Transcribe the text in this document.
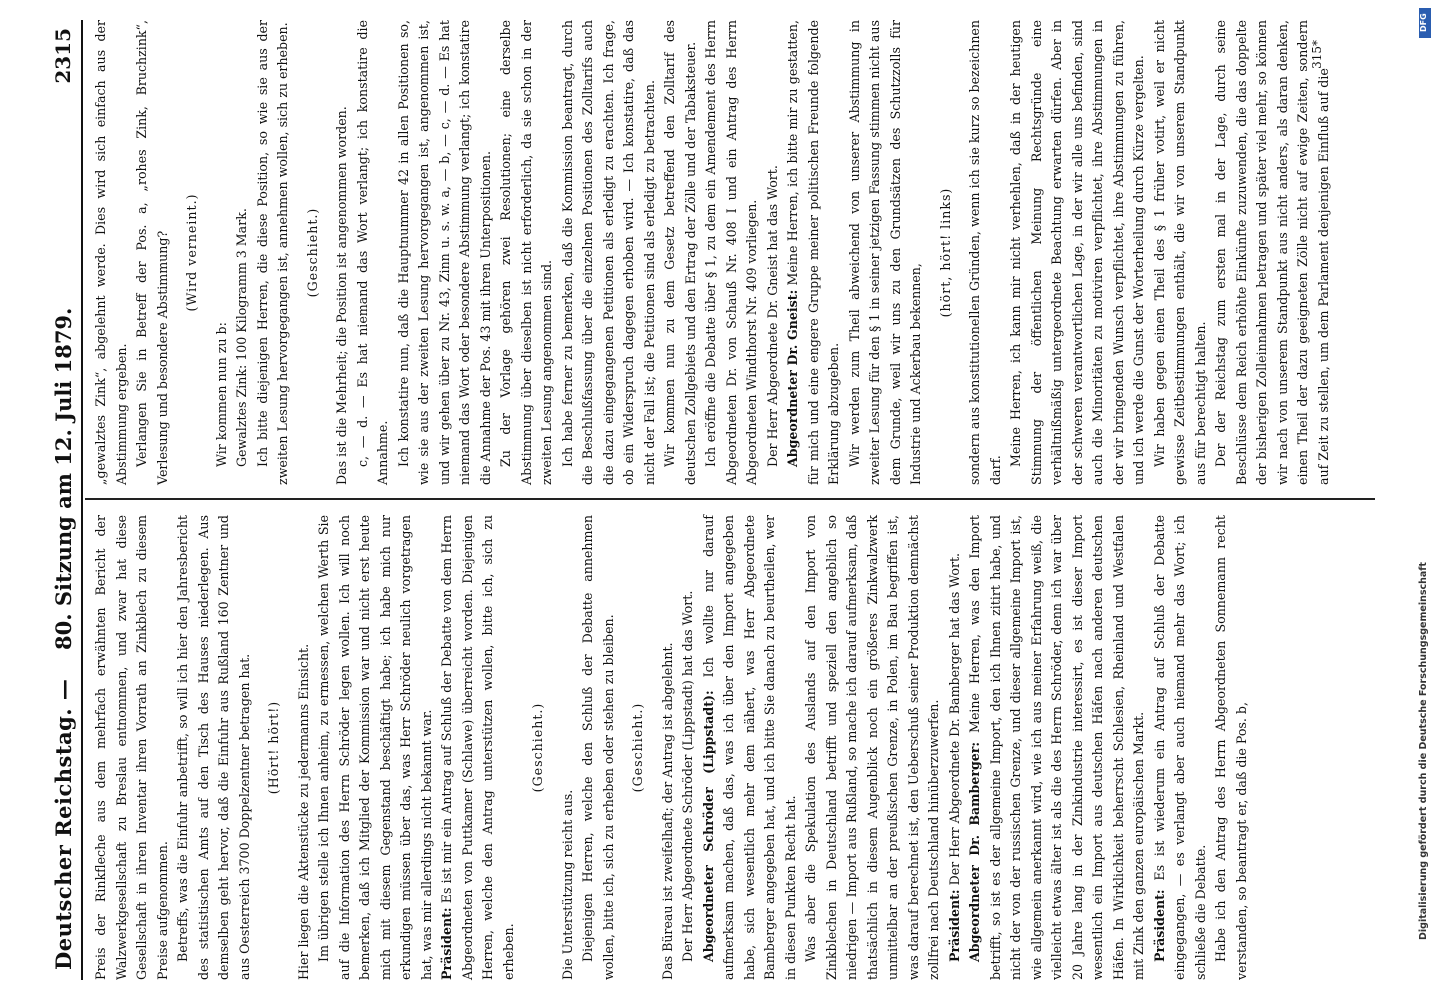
Deutscher Reichstag. —
80. Sitzung am 12. Juli 1879.
2315

Preis der Rinkfleche aus dem mehrfach erwähnten Bericht der Walzwerkgesellschaft zu Breslau entnommen, und zwar hat diese Gesellschaft in ihren Inventar ihren Vorrath an Zinkblech zu diesem Preise aufgenommen. Betreffs, was die Einfuhr anbetrifft, so will ich hier den Jahresbericht des statistischen Amts auf den Tisch des Hauses niederlegen. Aus demselben geht hervor, daß die Einfuhr aus Rußland 160 Zentner und aus Oesterreich 3700 Doppelzentner betragen hat. (Hört! hört!) Hier liegen die Aktenstücke zu jedermanns Einsicht. Im übrigen stelle ich Ihnen anheim, zu ermessen, welchen Werth Sie auf die Information des Herrn Schröder legen wollen. Ich will noch bemerken, daß ich Mitglied der Kommission war und nicht erst heute mich mit diesem Gegenstand beschäftigt habe; ich habe mich nur erkundigen müssen über das, was Herr Schröder neulich vorgetragen hat, was mir allerdings nicht bekannt war. Präsident: Es ist mir ein Antrag auf Schluß der Debatte von dem Herrn Abgeordneten von Puttkamer (Schlawe) überreicht worden. Diejenigen Herren, welche den Antrag unterstützen wollen, bitte ich, sich zu erheben.

(Geschieht.)

Die Unterstützung reicht aus. Diejenigen Herren, welche den Schluß der Debatte annehmen wollen, bitte ich, sich zu erheben oder stehen zu bleiben. (Geschieht.) Das Büreau ist zweifelhaft; der Antrag ist abgelehnt. Der Herr Abgeordnete Schröder (Lippstadt) hat das Wort. Abgeordneter Schröder (Lippstadt): Ich wollte nur darauf aufmerksam machen, daß das, was ich über den Import angegeben habe, sich wesentlich mehr dem nähert, was Herr Abgeordnete Bamberger angegeben hat, und ich bitte Sie danach zu beurtheilen, wer in diesen Punkten Recht hat. Was aber die Spekulation des Auslands auf den Import von Zinkblechen in Deutschland betrifft und speziell den angeblich so niedrigen — Import aus Rußland, so mache ich darauf aufmerksam, daß thatsächlich in diesem Augenblick noch ein größeres Zinkwalzwerk unmittelbar an der preußischen Grenze, in Polen, im Bau begriffen ist, was darauf berechnet ist, den Ueberschuß seiner Produktion demnächst zollfrei nach Deutschland hinüberzuwerfen. Präsident: Der Herr Abgeordnete Dr. Bamberger hat das Wort. Abgeordneter Dr. Bamberger: Meine Herren, was den Import betrifft, so ist es der allgemeine Import, den ich Ihnen zitirt habe, und nicht der von der russischen Grenze, und dieser allgemeine Import ist, wie allgemein anerkannt wird, wie ich aus meiner Erfahrung weiß, die vielleicht etwas älter ist als die des Herrn Schröder, denn ich war über 20 Jahre lang in der Zinkindustrie interessirt, es ist dieser Import wesentlich ein Import aus deutschen Häfen nach anderen deutschen Häfen. In Wirklichkeit beherrscht Schlesien, Rheinland und Westfalen mit Zink den ganzen europäischen Markt. Präsident: Es ist wiederum ein Antrag auf Schluß der Debatte eingegangen, — es verlangt aber auch niemand mehr das Wort; ich schließe die Debatte. Habe ich den Antrag des Herrn Abgeordneten Sonnemann recht verstanden, so beantragt er, daß die Pos. b,

„gewalztes Zink“, abgelehnt werde. Dies wird sich einfach aus der Abstimmung ergeben. Verlangen Sie in Betreff der Pos. a, „rohes Zink, Bruchzink“, Verlesung und besondere Abstimmung? (Wird verneint.)

Wir kommen nun zu b: Gewalztes Zink: 100 Kilogramm 3 Mark. Ich bitte diejenigen Herren, die diese Position, so wie sie aus der zweiten Lesung hervorgegangen ist, annehmen wollen, sich zu erheben. (Geschieht.) Das ist die Mehrheit; die Position ist angenommen worden. c, — d. — Es hat niemand das Wort verlangt; ich konstatire die Annahme. Ich konstatire nun, daß die Hauptnummer 42 in allen Positionen so, wie sie aus der zweiten Lesung hervorgegangen ist, angenommen ist, und wir gehen über zu Nr. 43, Zinn u. s. w. a, — b, — c, — d. — Es hat niemand das Wort oder besondere Abstimmung verlangt; ich konstatire die Annahme der Pos. 43 mit ihren Unterpositionen. Zu der Vorlage gehören zwei Resolutionen; eine derselbe Abstimmung über dieselben ist nicht erforderlich, da sie schon in der zweiten Lesung angenommen sind. Ich habe ferner zu bemerken, daß die Kommission beantragt, durch die Beschlußfassung über die einzelnen Positionen des Zolltarifs auch die dazu eingegangenen Petitionen als erledigt zu erachten. Ich frage, ob ein Widerspruch dagegen erhoben wird. — Ich konstatire, daß das nicht der Fall ist; die Petitionen sind als erledigt zu betrachten. Wir kommen nun zu dem Gesetz betreffend den Zolltarif des deutschen Zollgebiets und den Ertrag der Zölle und der Tabaksteuer. Ich eröffne die Debatte über § 1, zu dem ein Amendement des Herrn Abgeordneten Dr. von Schauß Nr. 408 I und ein Antrag des Herrn Abgeordneten Windthorst Nr. 409 vorliegen. Der Herr Abgeordnete Dr. Gneist hat das Wort. Abgeordneter Dr. Gneist: Meine Herren, ich bitte mir zu gestatten, für mich und eine engere Gruppe meiner politischen Freunde folgende Erklärung abzugeben. Wir werden zum Theil abweichend von unserer Abstimmung in zweiter Lesung für den § 1 in seiner jetzigen Fassung stimmen nicht aus dem Grunde, weil wir uns zu den Grundsätzen des Schutzzolls für Industrie und Ackerbau bekennen,

(hört, hört! links) sondern aus konstitutionellen Gründen, wenn ich sie kurz so bezeichnen darf.

Meine Herren, ich kann mir nicht verhehlen, daß in der heutigen Stimmung der öffentlichen Meinung Rechtsgründe eine verhältnißmäßig untergeordnete Beachtung erwarten dürfen. Aber in der schweren verantwortlichen Lage, in der wir alle uns befinden, sind auch die Minoritäten zu motiviren verpflichtet, ihre Abstimmungen in der wir bringenden Wunsch verpflichtet, ihre Abstimmungen zu führen, und ich werde die Gunst der Worterheilung durch Kürze vergelten. Wir haben gegen einen Theil des § 1 früher votirt, weil er nicht gewisse Zeitbestimmungen enthält, die wir von unserem Standpunkt aus für berechtigt halten. Der der Reichstag zum ersten mal in der Lage, durch seine Beschlüsse dem Reich erhöhte Einkünfte zuzuwenden, die das doppelte der bisherigen Zolleinnahmen betragen und später viel mehr, so können wir nach von unserem Standpunkt aus nicht anders, als daran denken, einen Theil der dazu geeigneten Zölle nicht auf ewige Zeiten, sondern auf Zeit zu stellen, um dem Parlament denjenigen Einfluß auf die

315*
DFG
Digitalisierung gefördert durch die Deutsche Forschungsgemeinschaft
